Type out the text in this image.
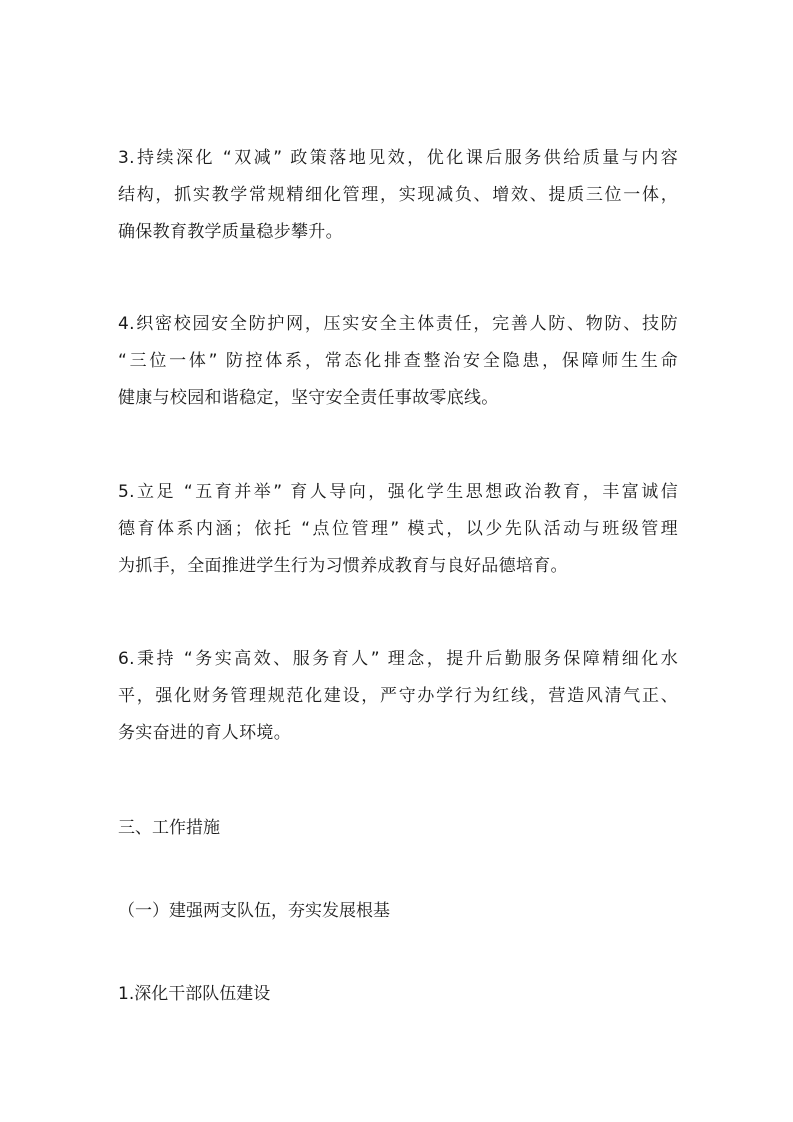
3.持续深化 “双减” 政策落地见效，优化课后服务供给质量与内容
结构，抓实教学常规精细化管理，实现减负、增效、提质三位一体，
确保教育教学质量稳步攀升。
4.织密校园安全防护网，压实安全主体责任，完善人防、物防、技防
“三位一体” 防控体系，常态化排查整治安全隐患，保障师生生命
健康与校园和谐稳定，坚守安全责任事故零底线。
5.立足 “五育并举” 育人导向，强化学生思想政治教育，丰富诚信
德育体系内涵；依托 “点位管理” 模式，以少先队活动与班级管理
为抓手，全面推进学生行为习惯养成教育与良好品德培育。
6.秉持 “务实高效、服务育人” 理念，提升后勤服务保障精细化水
平，强化财务管理规范化建设，严守办学行为红线，营造风清气正、
务实奋进的育人环境。
三、工作措施
（一）建强两支队伍，夯实发展根基
1.深化干部队伍建设
